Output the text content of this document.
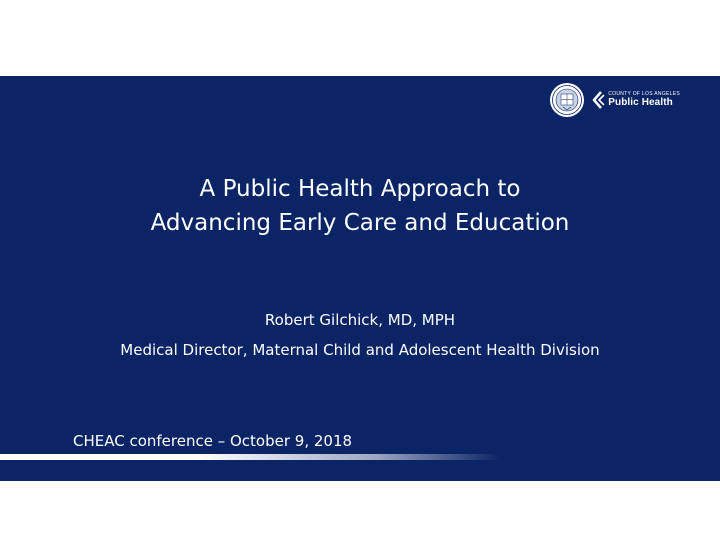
COUNTY OF LOS ANGELES
Public Health
A Public Health Approach to
Advancing Early Care and Education
Robert Gilchick, MD, MPH
Medical Director, Maternal Child and Adolescent Health Division
CHEAC conference – October 9, 2018
